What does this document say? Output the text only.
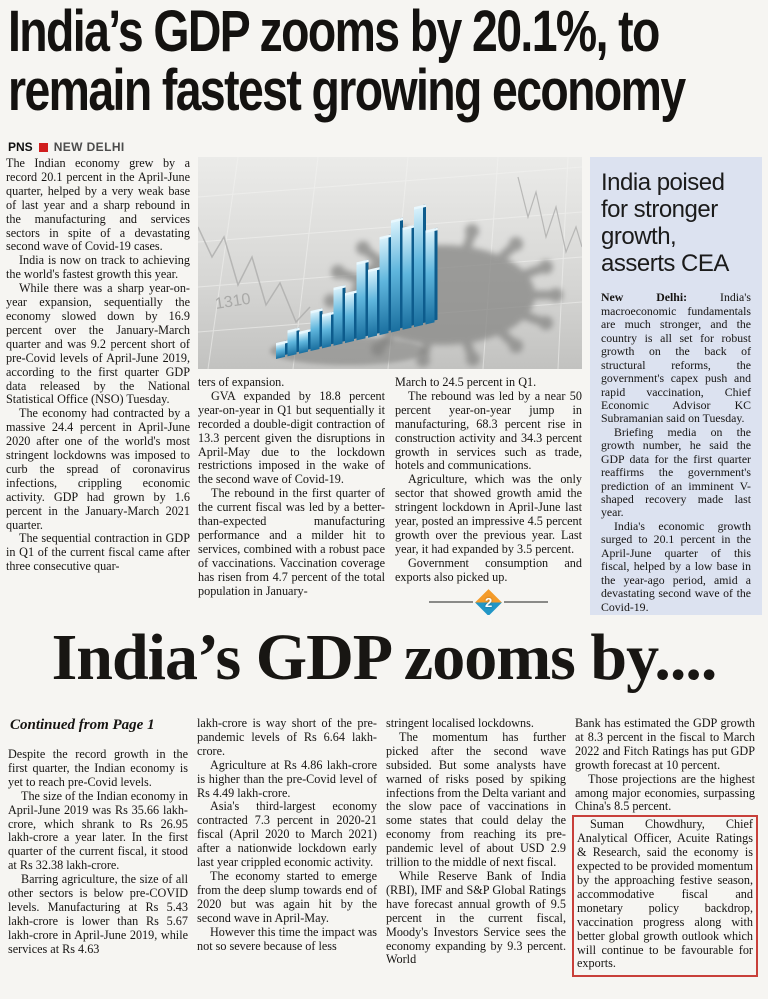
India’s GDP zooms by 20.1%, to
remain fastest growing economy
PNS NEW DELHI

The Indian economy grew by a record 20.1 percent in the April-June quarter, helped by a very weak base of last year and a sharp rebound in the manufacturing and services sectors in spite of a devastating second wave of Covid-19 cases.

India is now on track to achieving the world's fastest growth this year.

While there was a sharp year-on-year expansion, sequentially the economy slowed down by 16.9 percent over the January-March quarter and was 9.2 percent short of pre-Covid levels of April-June 2019, according to the first quarter GDP data released by the National Statistical Office (NSO) Tuesday.

The economy had contracted by a massive 24.4 percent in April-June 2020 after one of the world's most stringent lockdowns was imposed to curb the spread of coronavirus infections, crippling economic activity. GDP had grown by 1.6 percent in the January-March 2021 quarter.

The sequential contraction in GDP in Q1 of the current fiscal came after three consecutive quar-

1310

ters of expansion.

GVA expanded by 18.8 percent year-on-year in Q1 but sequentially it recorded a double-digit contraction of 13.3 percent given the disruptions in April-May due to the lockdown restrictions imposed in the wake of the second wave of Covid-19.

The rebound in the first quarter of the current fiscal was led by a better-than-expected manufacturing performance and a milder hit to services, combined with a robust pace of vaccinations. Vaccination coverage has risen from 4.7 percent of the total population in January-

March to 24.5 percent in Q1.

The rebound was led by a near 50 percent year-on-year jump in manufacturing, 68.3 percent rise in construction activity and 34.3 percent growth in services such as trade, hotels and communications.

Agriculture, which was the only sector that showed growth amid the stringent lockdown in April-June last year, posted an impressive 4.5 percent growth over the previous year. Last year, it had expanded by 3.5 percent.

Government consumption and exports also picked up.

2
India poised for stronger growth, asserts CEA

New Delhi: India's macroeconomic fundamentals are much stronger, and the country is all set for robust growth on the back of structural reforms, the government's capex push and rapid vaccination, Chief Economic Advisor KC Subramanian said on Tuesday.

Briefing media on the growth number, he said the GDP data for the first quarter reaffirms the government's prediction of an imminent V-shaped recovery made last year.

India's economic growth surged to 20.1 percent in the April-June quarter of this fiscal, helped by a low base in the year-ago period, amid a devastating second wave of the Covid-19.

India’s GDP zooms by....
Continued from Page 1

Despite the record growth in the first quarter, the Indian economy is yet to reach pre-Covid levels.

The size of the Indian economy in April-June 2019 was Rs 35.66 lakh-crore, which shrank to Rs 26.95 lakh-crore a year later. In the first quarter of the current fiscal, it stood at Rs 32.38 lakh-crore.

Barring agriculture, the size of all other sectors is below pre-COVID levels. Manufacturing at Rs 5.43 lakh-crore is lower than Rs 5.67 lakh-crore in April-June 2019, while services at Rs 4.63

lakh-crore is way short of the pre-pandemic levels of Rs 6.64 lakh-crore.

Agriculture at Rs 4.86 lakh-crore is higher than the pre-Covid level of Rs 4.49 lakh-crore.

Asia's third-largest economy contracted 7.3 percent in 2020-21 fiscal (April 2020 to March 2021) after a nationwide lockdown early last year crippled economic activity.

The economy started to emerge from the deep slump towards end of 2020 but was again hit by the second wave in April-May.

However this time the impact was not so severe because of less

stringent localised lockdowns.

The momentum has further picked after the second wave subsided. But some analysts have warned of risks posed by spiking infections from the Delta variant and the slow pace of vaccinations in some states that could delay the economy from reaching its pre-pandemic level of about USD 2.9 trillion to the middle of next fiscal.

While Reserve Bank of India (RBI), IMF and S&P Global Ratings have forecast annual growth of 9.5 percent in the current fiscal, Moody's Investors Service sees the economy expanding by 9.3 percent. World

Bank has estimated the GDP growth at 8.3 percent in the fiscal to March 2022 and Fitch Ratings has put GDP growth forecast at 10 percent.

Those projections are the highest among major economies, surpassing China's 8.5 percent.

Suman Chowdhury, Chief Analytical Officer, Acuite Ratings & Research, said the economy is expected to be provided momentum by the approaching festive season, accommodative fiscal and monetary policy backdrop, vaccination progress along with better global growth outlook which will continue to be favourable for exports.
